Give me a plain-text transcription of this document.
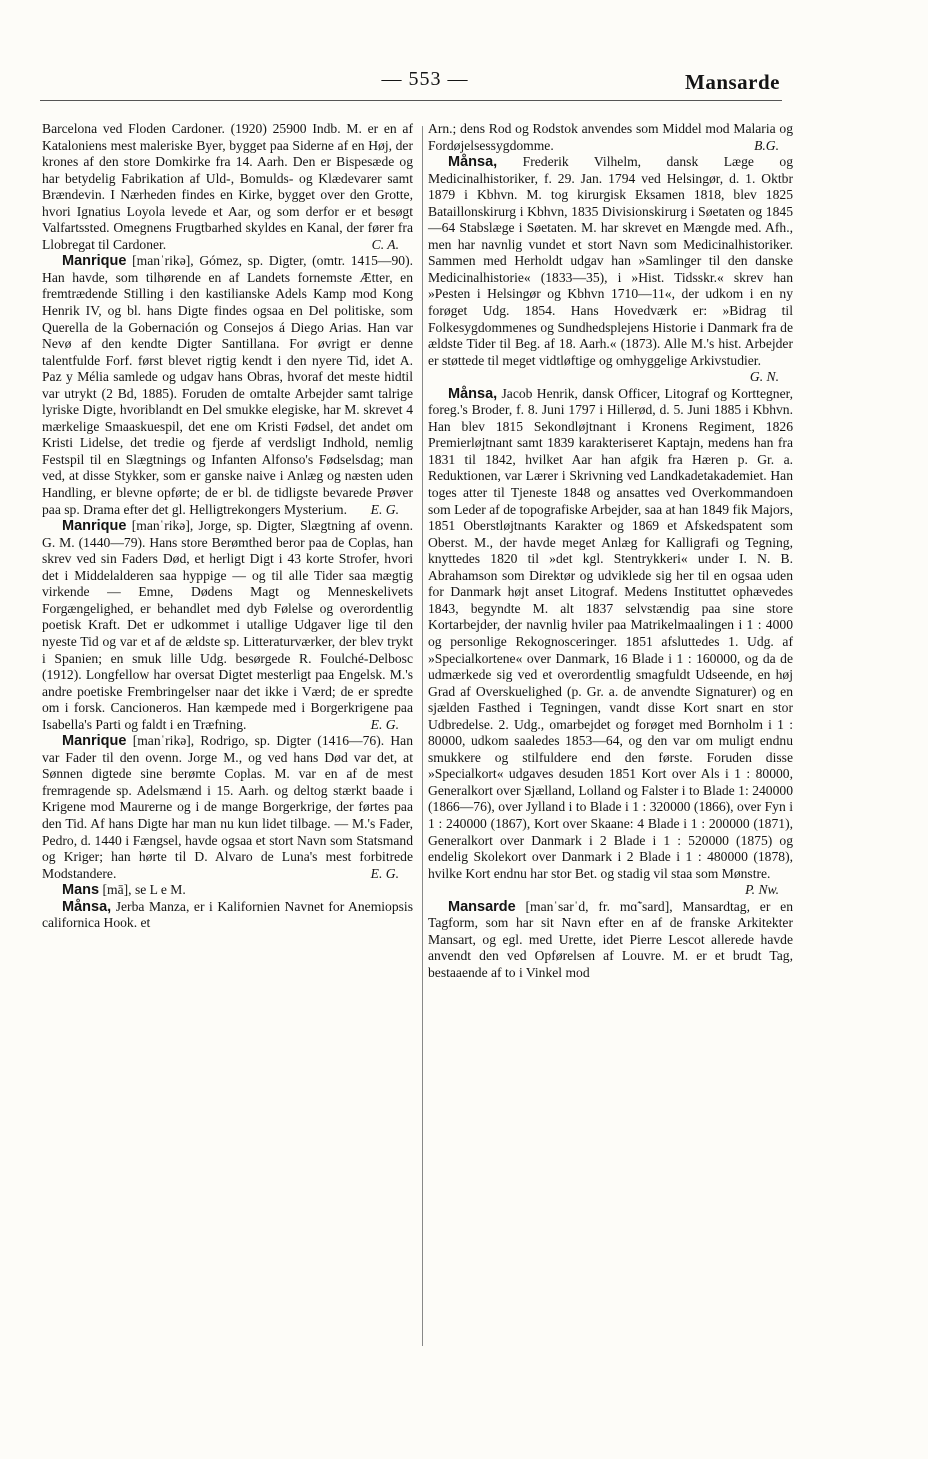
— 553 —	Mansarde

Barcelona ved Floden Cardoner. (1920) 25900 Indb. M. er en af Kataloniens mest maleriske Byer, bygget paa Siderne af en Høj, der krones af den store Domkirke fra 14. Aarh. Den er Bispesæde og har betydelig Fabrikation af Uld-, Bomulds- og Klædevarer samt Brændevin. I Nærheden findes en Kirke, bygget over den Grotte, hvori Ignatius Loyola levede et Aar, og som derfor er et besøgt Valfartssted. Omegnens Frugtbarhed skyldes en Kanal, der fører fra Llobregat til Cardoner.	C. A.

Manrique [manˈrikə], Gómez, sp. Digter, (omtr. 1415—90). Han havde, som tilhørende en af Landets fornemste Ætter, en fremtrædende Stilling i den kastilianske Adels Kamp mod Kong Henrik IV, og bl. hans Digte findes ogsaa en Del politiske, som Querella de la Gobernación og Consejos á Diego Arias. Han var Nevø af den kendte Digter Santillana. For øvrigt er denne talentfulde Forf. først blevet rigtig kendt i den nyere Tid, idet A. Paz y Mélia samlede og udgav hans Obras, hvoraf det meste hidtil var utrykt (2 Bd, 1885). Foruden de omtalte Arbejder samt talrige lyriske Digte, hvoriblandt en Del smukke elegiske, har M. skrevet 4 mærkelige Smaaskuespil, det ene om Kristi Fødsel, det andet om Kristi Lidelse, det tredie og fjerde af verdsligt Indhold, nemlig Festspil til en Slægtnings og Infanten Alfonso's Fødselsdag; man ved, at disse Stykker, som er ganske naive i Anlæg og næsten uden Handling, er blevne opførte; de er bl. de tidligste bevarede Prøver paa sp. Drama efter det gl. Helligtrekongers Mysterium.	E. G.

Manrique [manˈrikə], Jorge, sp. Digter, Slægtning af ovenn. G. M. (1440—79). Hans store Berømthed beror paa de Coplas, han skrev ved sin Faders Død, et herligt Digt i 43 korte Strofer, hvori det i Middelalderen saa hyppige — og til alle Tider saa mægtig virkende — Emne, Dødens Magt og Menneskelivets Forgængelighed, er behandlet med dyb Følelse og overordentlig poetisk Kraft. Det er udkommet i utallige Udgaver lige til den nyeste Tid og var et af de ældste sp. Litteraturværker, der blev trykt i Spanien; en smuk lille Udg. besørgede R. Foulché-Delbosc (1912). Longfellow har oversat Digtet mesterligt paa Engelsk. M.'s andre poetiske Frembringelser naar det ikke i Værd; de er spredte om i forsk. Cancioneros. Han kæmpede med i Borgerkrigene paa Isabella's Parti og faldt i en Træfning.	E. G.

Manrique [manˈrikə], Rodrigo, sp. Digter (1416—76). Han var Fader til den ovenn. Jorge M., og ved hans Død var det, at Sønnen digtede sine berømte Coplas. M. var en af de mest fremragende sp. Adelsmænd i 15. Aarh. og deltog stærkt baade i Krigene mod Maurerne og i de mange Borgerkrige, der førtes paa den Tid. Af hans Digte har man nu kun lidet tilbage. — M.'s Fader, Pedro, d. 1440 i Fængsel, havde ogsaa et stort Navn som Statsmand og Kriger; han hørte til D. Alvaro de Luna's mest forbitrede Modstandere.	E. G.

Mans [mā], se L e M.

Månsa, Jerba Manza, er i Kalifornien Navnet for Anemiopsis californica Hook. et

Arn.; dens Rod og Rodstok anvendes som Middel mod Malaria og Fordøjelsessygdomme.	B.G.

Månsa, Frederik Vilhelm, dansk Læge og Medicinalhistoriker, f. 29. Jan. 1794 ved Helsingør, d. 1. Oktbr 1879 i Kbhvn. M. tog kirurgisk Eksamen 1818, blev 1825 Bataillonskirurg i Kbhvn, 1835 Divisionskirurg i Søetaten og 1845—64 Stabslæge i Søetaten. M. har skrevet en Mængde med. Afh., men har navnlig vundet et stort Navn som Medicinalhistoriker. Sammen med Herholdt udgav han »Samlinger til den danske Medicinalhistorie« (1833—35), i »Hist. Tidsskr.« skrev han »Pesten i Helsingør og Kbhvn 1710—11«, der udkom i en ny forøget Udg. 1854. Hans Hovedværk er: »Bidrag til Folkesygdommenes og Sundhedsplejens Historie i Danmark fra de ældste Tider til Beg. af 18. Aarh.« (1873). Alle M.'s hist. Arbejder er støttede til meget vidtløftige og omhyggelige Arkivstudier.
G. N.

Månsa, Jacob Henrik, dansk Officer, Litograf og Korttegner, foreg.'s Broder, f. 8. Juni 1797 i Hillerød, d. 5. Juni 1885 i Kbhvn. Han blev 1815 Sekondløjtnant i Kronens Regiment, 1826 Premierløjtnant samt 1839 karakteriseret Kaptajn, medens han fra 1831 til 1842, hvilket Aar han afgik fra Hæren p. Gr. a. Reduktionen, var Lærer i Skrivning ved Landkadetakademiet. Han toges atter til Tjeneste 1848 og ansattes ved Overkommandoen som Leder af de topografiske Arbejder, saa at han 1849 fik Majors, 1851 Oberstløjtnants Karakter og 1869 et Afskedspatent som Oberst. M., der havde meget Anlæg for Kalligrafi og Tegning, knyttedes 1820 til »det kgl. Stentrykkeri« under I. N. B. Abrahamson som Direktør og udviklede sig her til en ogsaa uden for Danmark højt anset Litograf. Medens Instituttet ophævedes 1843, begyndte M. alt 1837 selvstændig paa sine store Kortarbejder, der navnlig hviler paa Matrikelmaalingen i 1 : 4000 og personlige Rekognosceringer. 1851 afsluttedes 1. Udg. af »Specialkortene« over Danmark, 16 Blade i 1 : 160000, og da de udmærkede sig ved et overordentlig smagfuldt Udseende, en høj Grad af Overskuelighed (p. Gr. a. de anvendte Signaturer) og en sjælden Fasthed i Tegningen, vandt disse Kort snart en stor Udbredelse. 2. Udg., omarbejdet og forøget med Bornholm i 1 : 80000, udkom saaledes 1853—64, og den var om muligt endnu smukkere og stilfuldere end den første. Foruden disse »Specialkort« udgaves desuden 1851 Kort over Als i 1 : 80000, Generalkort over Sjælland, Lolland og Falster i to Blade 1: 240000 (1866—76), over Jylland i to Blade i 1 : 320000 (1866), over Fyn i 1 : 240000 (1867), Kort over Skaane: 4 Blade i 1 : 200000 (1871), Generalkort over Danmark i 2 Blade i 1 : 520000 (1875) og endelig Skolekort over Danmark i 2 Blade i 1 : 480000 (1878), hvilke Kort endnu har stor Bet. og stadig vil staa som Mønstre.
P. Nw.

Mansarde [manˈsarˈd, fr. mɑ̃ˈsard], Mansardtag, er en Tagform, som har sit Navn efter en af de franske Arkitekter Mansart, og egl. med Urette, idet Pierre Lescot allerede havde anvendt den ved Opførelsen af Louvre. M. er et brudt Tag, bestaaende af to i Vinkel mod
